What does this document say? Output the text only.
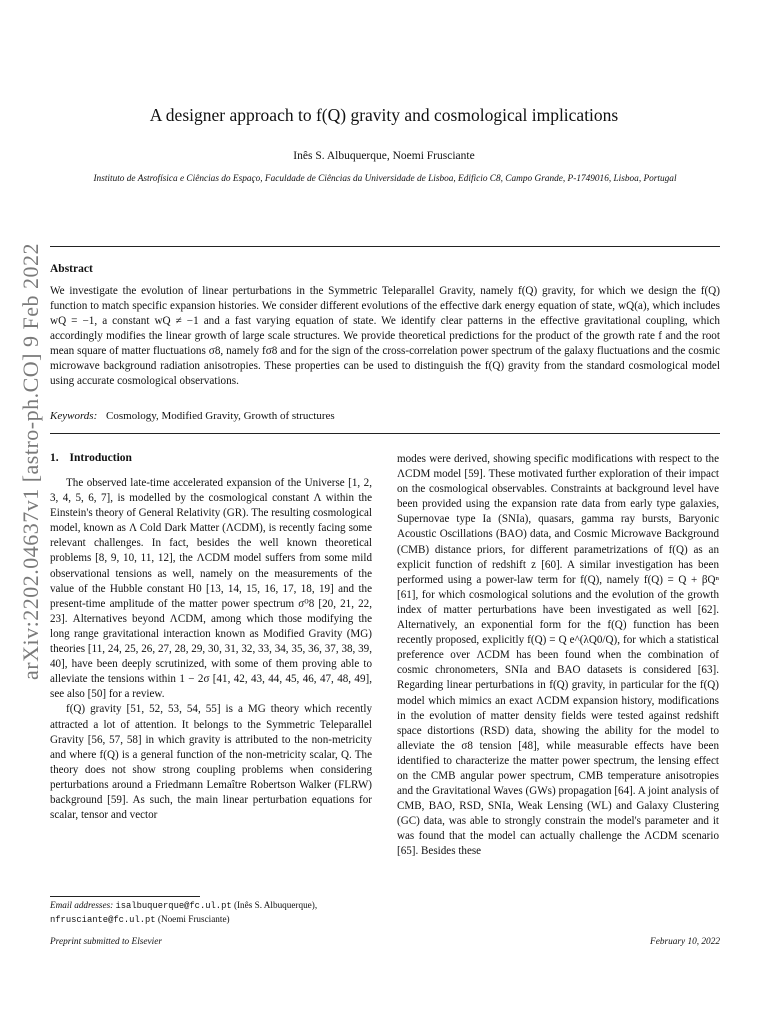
arXiv:2202.04637v1 [astro-ph.CO] 9 Feb 2022
A designer approach to f(Q) gravity and cosmological implications
Inês S. Albuquerque, Noemi Frusciante
Instituto de Astrofísica e Ciências do Espaço, Faculdade de Ciências da Universidade de Lisboa, Edificio C8, Campo Grande, P-1749016, Lisboa, Portugal
Abstract

We investigate the evolution of linear perturbations in the Symmetric Teleparallel Gravity, namely f(Q) gravity, for which we design the f(Q) function to match specific expansion histories. We consider different evolutions of the effective dark energy equation of state, wQ(a), which includes wQ = −1, a constant wQ ≠ −1 and a fast varying equation of state. We identify clear patterns in the effective gravitational coupling, which accordingly modifies the linear growth of large scale structures. We provide theoretical predictions for the product of the growth rate f and the root mean square of matter fluctuations σ8, namely fσ8 and for the sign of the cross-correlation power spectrum of the galaxy fluctuations and the cosmic microwave background radiation anisotropies. These properties can be used to distinguish the f(Q) gravity from the standard cosmological model using accurate cosmological observations.

Keywords: Cosmology, Modified Gravity, Growth of structures
1. Introduction

The observed late-time accelerated expansion of the Universe [1, 2, 3, 4, 5, 6, 7], is modelled by the cosmological constant Λ within the Einstein's theory of General Relativity (GR). The resulting cosmological model, known as Λ Cold Dark Matter (ΛCDM), is recently facing some relevant challenges. In fact, besides the well known theoretical problems [8, 9, 10, 11, 12], the ΛCDM model suffers from some mild observational tensions as well, namely on the measurements of the value of the Hubble constant H0 [13, 14, 15, 16, 17, 18, 19] and the present-time amplitude of the matter power spectrum σ⁰8 [20, 21, 22, 23]. Alternatives beyond ΛCDM, among which those modifying the long range gravitational interaction known as Modified Gravity (MG) theories [11, 24, 25, 26, 27, 28, 29, 30, 31, 32, 33, 34, 35, 36, 37, 38, 39, 40], have been deeply scrutinized, with some of them proving able to alleviate the tensions within 1 − 2σ [41, 42, 43, 44, 45, 46, 47, 48, 49], see also [50] for a review.

f(Q) gravity [51, 52, 53, 54, 55] is a MG theory which recently attracted a lot of attention. It belongs to the Symmetric Teleparallel Gravity [56, 57, 58] in which gravity is attributed to the non-metricity and where f(Q) is a general function of the non-metricity scalar, Q. The theory does not show strong coupling problems when considering perturbations around a Friedmann Lemaître Robertson Walker (FLRW) background [59]. As such, the main linear perturbation equations for scalar, tensor and vector

modes were derived, showing specific modifications with respect to the ΛCDM model [59]. These motivated further exploration of their impact on the cosmological observables. Constraints at background level have been provided using the expansion rate data from early type galaxies, Supernovae type Ia (SNIa), quasars, gamma ray bursts, Baryonic Acoustic Oscillations (BAO) data, and Cosmic Microwave Background (CMB) distance priors, for different parametrizations of f(Q) as an explicit function of redshift z [60]. A similar investigation has been performed using a power-law term for f(Q), namely f(Q) = Q + βQⁿ [61], for which cosmological solutions and the evolution of the growth index of matter perturbations have been investigated as well [62]. Alternatively, an exponential form for the f(Q) function has been recently proposed, explicitly f(Q) = Q e^(λQ0/Q), for which a statistical preference over ΛCDM has been found when the combination of cosmic chronometers, SNIa and BAO datasets is considered [63]. Regarding linear perturbations in f(Q) gravity, in particular for the f(Q) model which mimics an exact ΛCDM expansion history, modifications in the evolution of matter density fields were tested against redshift space distortions (RSD) data, showing the ability for the model to alleviate the σ8 tension [48], while measurable effects have been identified to characterize the matter power spectrum, the lensing effect on the CMB angular power spectrum, CMB temperature anisotropies and the Gravitational Waves (GWs) propagation [64]. A joint analysis of CMB, BAO, RSD, SNIa, Weak Lensing (WL) and Galaxy Clustering (GC) data, was able to strongly constrain the model's parameter and it was found that the model can actually challenge the ΛCDM scenario [65]. Besides these

Email addresses: isalbuquerque@fc.ul.pt (Inês S. Albuquerque), nfrusciante@fc.ul.pt (Noemi Frusciante)
Preprint submitted to Elsevier	February 10, 2022
